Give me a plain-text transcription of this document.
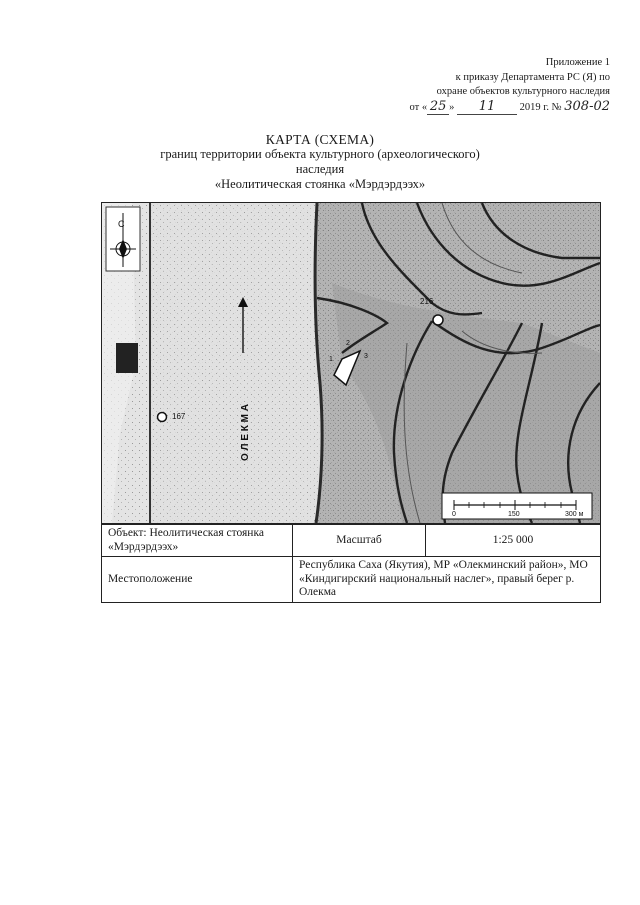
Приложение 1
к приказу Департамента РС (Я) по
охране объектов культурного наследия
от « 25 » 11 2019 г. № 308-02
КАРТА (СХЕМА)
границ территории объекта культурного (археологического)
наследия
«Неолитическая стоянка «Мэрдэрдээх»
1
2
3
216
167	О Л Е К М А
С
0	150	300 м
Объект: Неолитическая стоянка «Мэрдэрдээх»	Масштаб	1:25 000
Местоположение	Республика Саха (Якутия), МР «Олекминский район», МО «Киндигирский национальный наслег», правый берег р. Олекма	
